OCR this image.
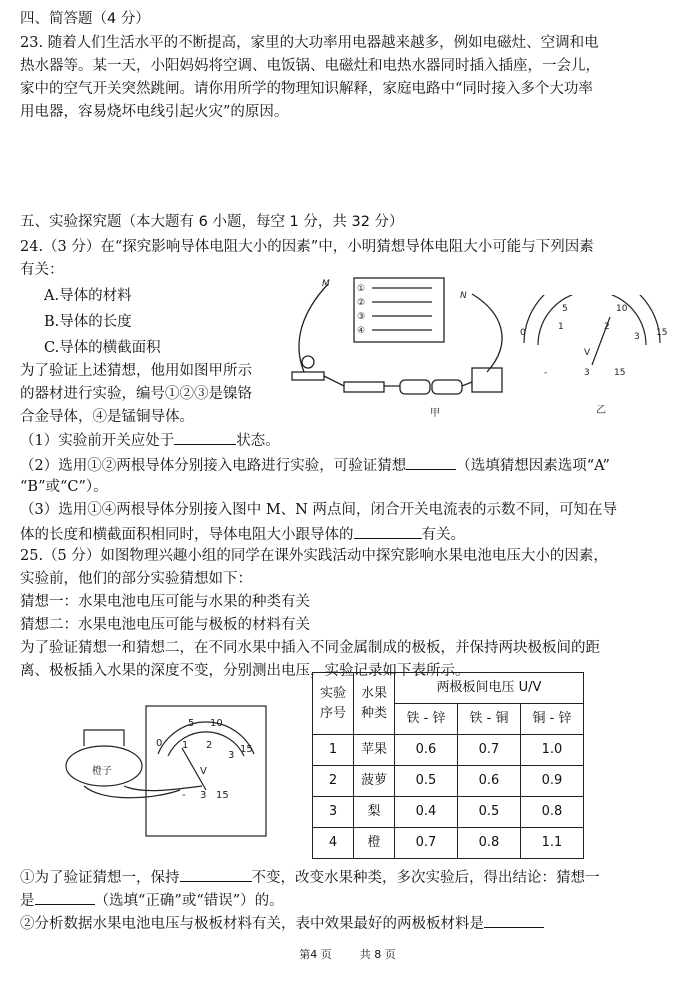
四、简答题（4 分）
23. 随着人们生活水平的不断提高，家里的大功率用电器越来越多，例如电磁灶、空调和电
热水器等。某一天，小阳妈妈将空调、电饭锅、电磁灶和电热水器同时插入插座，一会儿，
家中的空气开关突然跳闸。请你用所学的物理知识解释，家庭电路中“同时接入多个大功率
用电器，容易烧坏电线引起火灾”的原因。
五、实验探究题（本大题有 6 小题，每空 1 分，共 32 分）
24.（3 分）在“探究影响导体电阻大小的因素”中，小明猜想导体电阻大小可能与下列因素
有关：
A.导体的材料
B.导体的长度
C.导体的横截面积
为了验证上述猜想，他用如图甲所示
的器材进行实验，编号①②③是镍铬
合金导体，④是锰铜导体。
①
②
③
④
M
N
甲
5	10
0
1	2
3 15
V
-	3	15
乙
（1）实验前开关应处于	状态。
（2）选用①②两根导体分别接入电路进行实验，可验证猜想	（选填猜想因素选项“A”
“B”或“C”）。
（3）选用①④两根导体分别接入图中 M、N 两点间，闭合开关电流表的示数不同，可知在导
体的长度和横截面积相同时，导体电阻大小跟导体的	有关。
25.（5 分）如图物理兴趣小组的同学在课外实践活动中探究影响水果电池电压大小的因素，
实验前，他们的部分实验猜想如下：
猜想一：水果电池电压可能与水果的种类有关
猜想二：水果电池电压可能与极板的材料有关
为了验证猜想一和猜想二，在不同水果中插入不同金属制成的极板，并保持两块极板间的距
离、极板插入水果的深度不变，分别测出电压，实验记录如下表所示。
5 10
0 1 2
3
15
V
- 3 15
橙子
实验
序号	水果
种类	两极板间电压 U/V		
		铁 - 锌	铁 - 铜	铜 - 锌
1	苹果	0.6	0.7	1.0
2	菠萝	0.5	0.6	0.9
3	梨	0.4	0.5	0.8
4	橙	0.7	0.8	1.1
①为了验证猜想一，保持	不变，改变水果种类，多次实验后，得出结论：猜想一
是	（选填“正确”或“错误”）的。
②分析数据水果电池电压与极板材料有关，表中效果最好的两极板材料是
第4 页	共 8 页
